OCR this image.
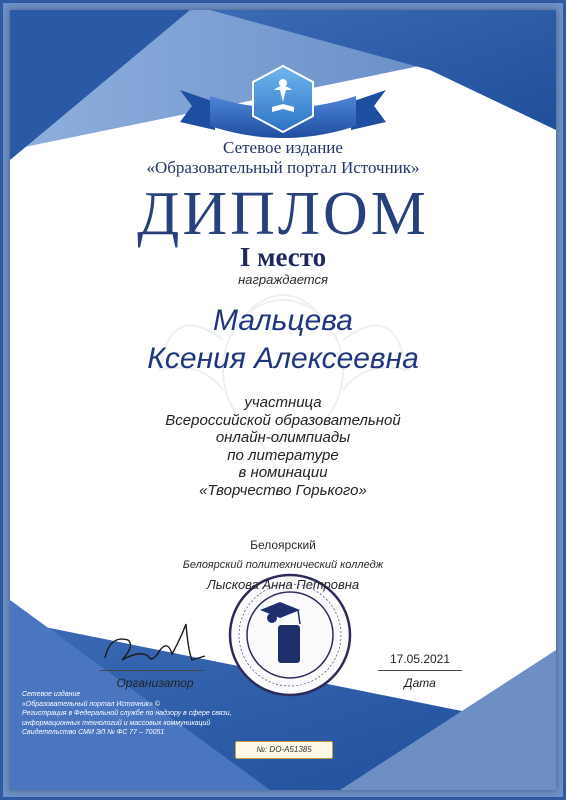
Сетевое издание
«Образовательный портал Источник»
ДИПЛОМ
I место
награждается
Мальцева
Ксения Алексеевна
участница
Всероссийской образовательной
онлайн-олимпиады
по литературе
в номинации
«Творчество Горького»
Белоярский
Белоярский политехнический колледж
Лыскова Анна Петровна
Организатор
17.05.2021
Дата
Сетевое издание
«Образовательный портал Источник» ©
Регистрация в Федеральной службе по надзору в сфере связи,
информационных технологий и массовых коммуникаций
Свидетельство СМИ ЭЛ № ФС 77 – 70051
№: DO-A51385
